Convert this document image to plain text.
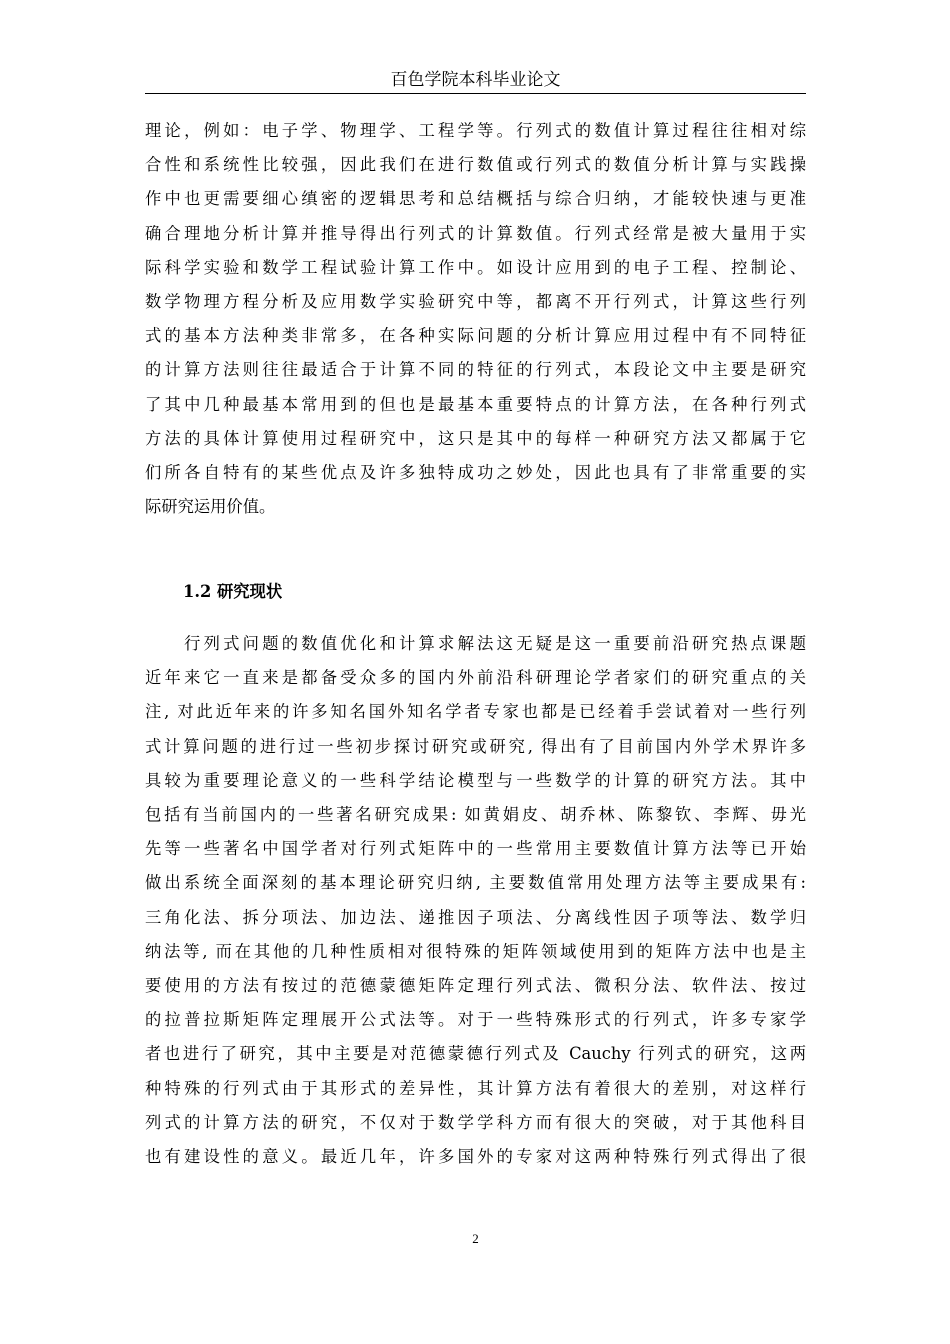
百色学院本科毕业论文
理论，例如：电子学、物理学、工程学等。行列式的数值计算过程往往相对综
合性和系统性比较强，因此我们在进行数值或行列式的数值分析计算与实践操
作中也更需要细心缜密的逻辑思考和总结概括与综合归纳，才能较快速与更准
确合理地分析计算并推导得出行列式的计算数值。行列式经常是被大量用于实
际科学实验和数学工程试验计算工作中。如设计应用到的电子工程、控制论、
数学物理方程分析及应用数学实验研究中等，都离不开行列式，计算这些行列
式的基本方法种类非常多，在各种实际问题的分析计算应用过程中有不同特征
的计算方法则往往最适合于计算不同的特征的行列式，本段论文中主要是研究
了其中几种最基本常用到的但也是最基本重要特点的计算方法，在各种行列式
方法的具体计算使用过程研究中，这只是其中的每样一种研究方法又都属于它
们所各自特有的某些优点及许多独特成功之妙处，因此也具有了非常重要的实
际研究运用价值。
1.2 研究现状
　　行列式问题的数值优化和计算求解法这无疑是这一重要前沿研究热点课题
近年来它一直来是都备受众多的国内外前沿科研理论学者家们的研究重点的关
注, 对此近年来的许多知名国外知名学者专家也都是已经着手尝试着对一些行列
式计算问题的进行过一些初步探讨研究或研究, 得出有了目前国内外学术界许多
具较为重要理论意义的一些科学结论模型与一些数学的计算的研究方法。其中
包括有当前国内的一些著名研究成果: 如黄娟皮、胡乔林、陈黎钦、李辉、毋光
先等一些著名中国学者对行列式矩阵中的一些常用主要数值计算方法等已开始
做出系统全面深刻的基本理论研究归纳, 主要数值常用处理方法等主要成果有:
三角化法、拆分项法、加边法、递推因子项法、分离线性因子项等法、数学归
纳法等, 而在其他的几种性质相对很特殊的矩阵领域使用到的矩阵方法中也是主
要使用的方法有按过的范德蒙德矩阵定理行列式法、微积分法、软件法、按过
的拉普拉斯矩阵定理展开公式法等。对于一些特殊形式的行列式，许多专家学
者也进行了研究，其中主要是对范德蒙德行列式及 Cauchy 行列式的研究，这两
种特殊的行列式由于其形式的差异性，其计算方法有着很大的差别，对这样行
列式的计算方法的研究，不仅对于数学学科方而有很大的突破，对于其他科目
也有建设性的意义。最近几年，许多国外的专家对这两种特殊行列式得出了很
2
